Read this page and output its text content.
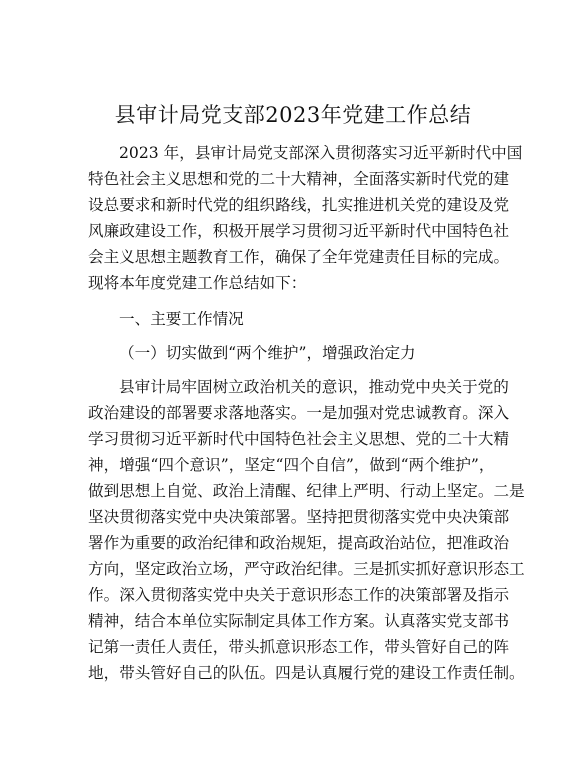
县审计局党支部2023年党建工作总结
2023 年，县审计局党支部深入贯彻落实习近平新时代中国
特色社会主义思想和党的二十大精神，全面落实新时代党的建
设总要求和新时代党的组织路线，扎实推进机关党的建设及党
风廉政建设工作，积极开展学习贯彻习近平新时代中国特色社
会主义思想主题教育工作，确保了全年党建责任目标的完成。
现将本年度党建工作总结如下：
一、主要工作情况
（一）切实做到“两个维护”，增强政治定力
县审计局牢固树立政治机关的意识，推动党中央关于党的
政治建设的部署要求落地落实。一是加强对党忠诚教育。深入
学习贯彻习近平新时代中国特色社会主义思想、党的二十大精
神，增强“四个意识”，坚定“四个自信”，做到“两个维护”，
做到思想上自觉、政治上清醒、纪律上严明、行动上坚定。二是
坚决贯彻落实党中央决策部署。坚持把贯彻落实党中央决策部
署作为重要的政治纪律和政治规矩，提高政治站位，把准政治
方向，坚定政治立场，严守政治纪律。三是抓实抓好意识形态工
作。深入贯彻落实党中央关于意识形态工作的决策部署及指示
精神，结合本单位实际制定具体工作方案。认真落实党支部书
记第一责任人责任，带头抓意识形态工作，带头管好自己的阵
地，带头管好自己的队伍。四是认真履行党的建设工作责任制。
